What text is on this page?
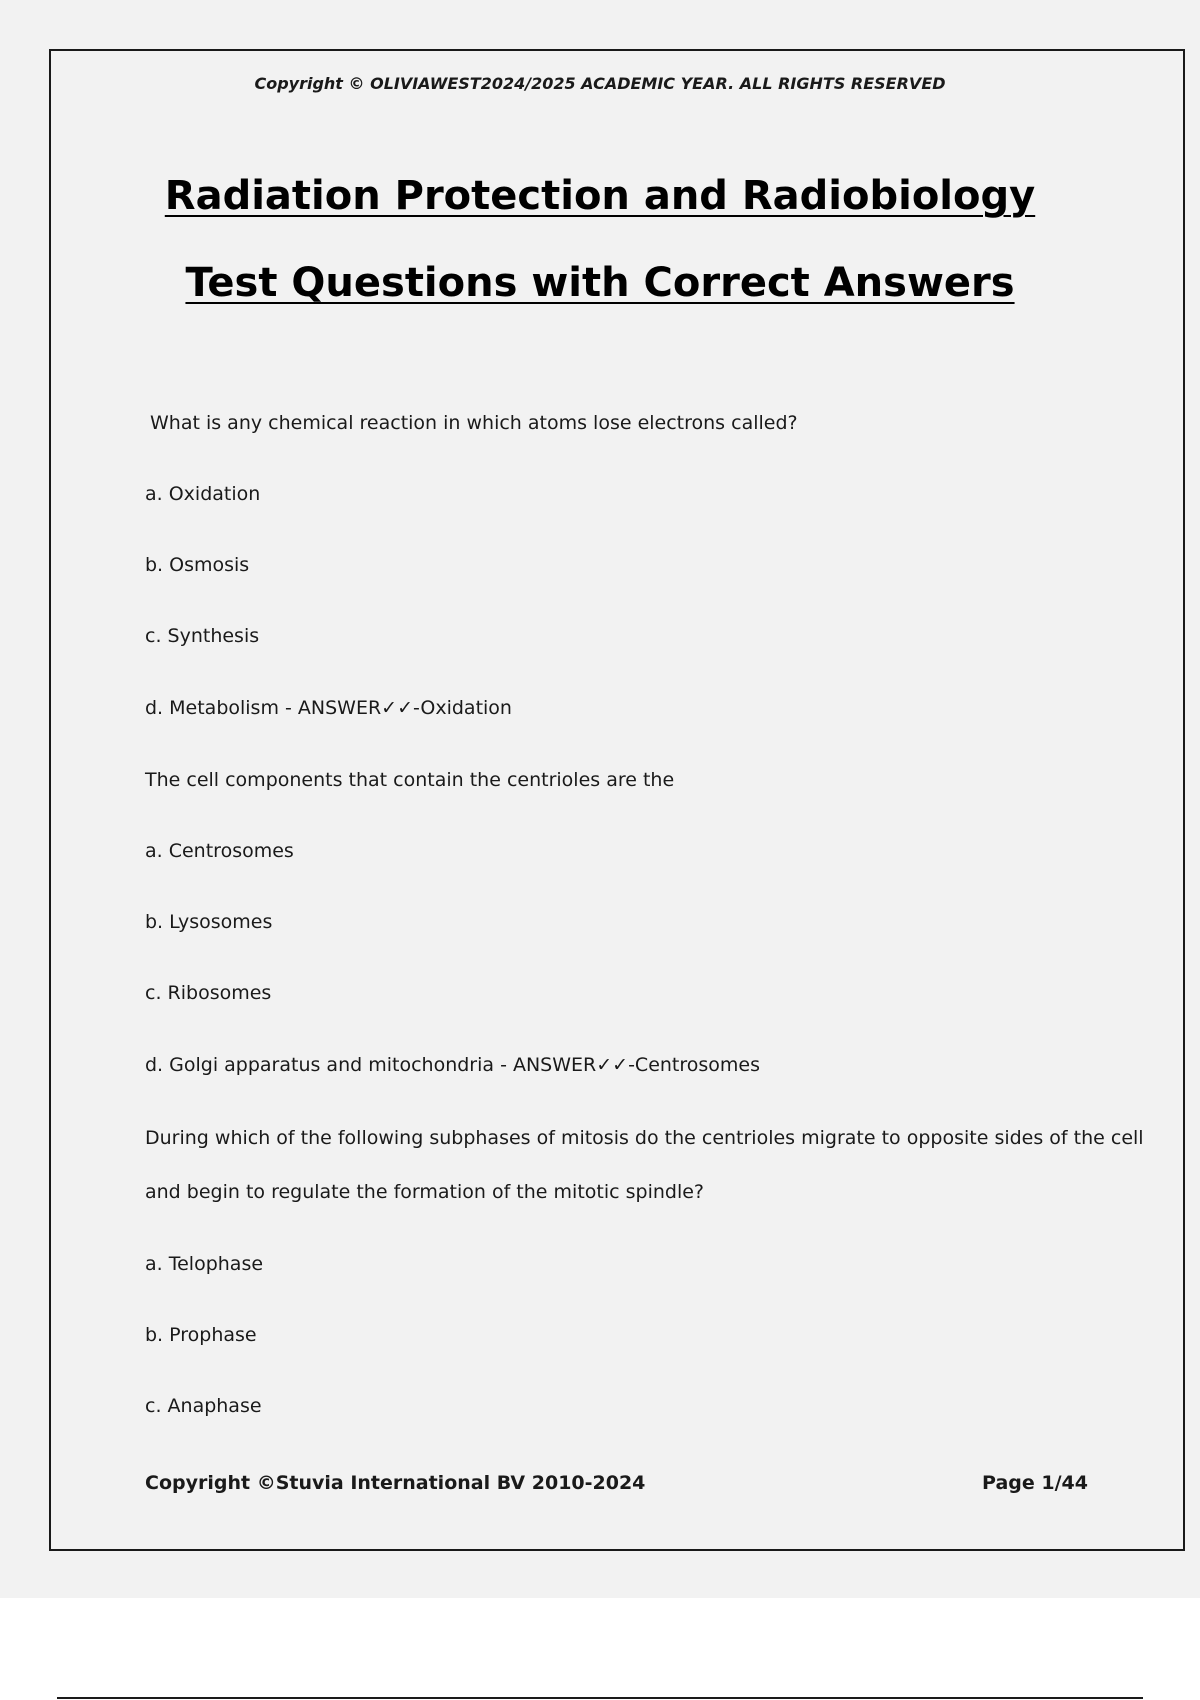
Copyright © OLIVIAWEST2024/2025 ACADEMIC YEAR. ALL RIGHTS RESERVED
Radiation Protection and Radiobiology
Test Questions with Correct Answers
What is any chemical reaction in which atoms lose electrons called?
a. Oxidation
b. Osmosis
c. Synthesis
d. Metabolism - ANSWER✓✓-Oxidation
The cell components that contain the centrioles are the
a. Centrosomes
b. Lysosomes
c. Ribosomes
d. Golgi apparatus and mitochondria - ANSWER✓✓-Centrosomes
During which of the following subphases of mitosis do the centrioles migrate to opposite sides of the cell
and begin to regulate the formation of the mitotic spindle?
a. Telophase
b. Prophase
c. Anaphase
Copyright ©Stuvia International BV 2010-2024	Page 1/44
